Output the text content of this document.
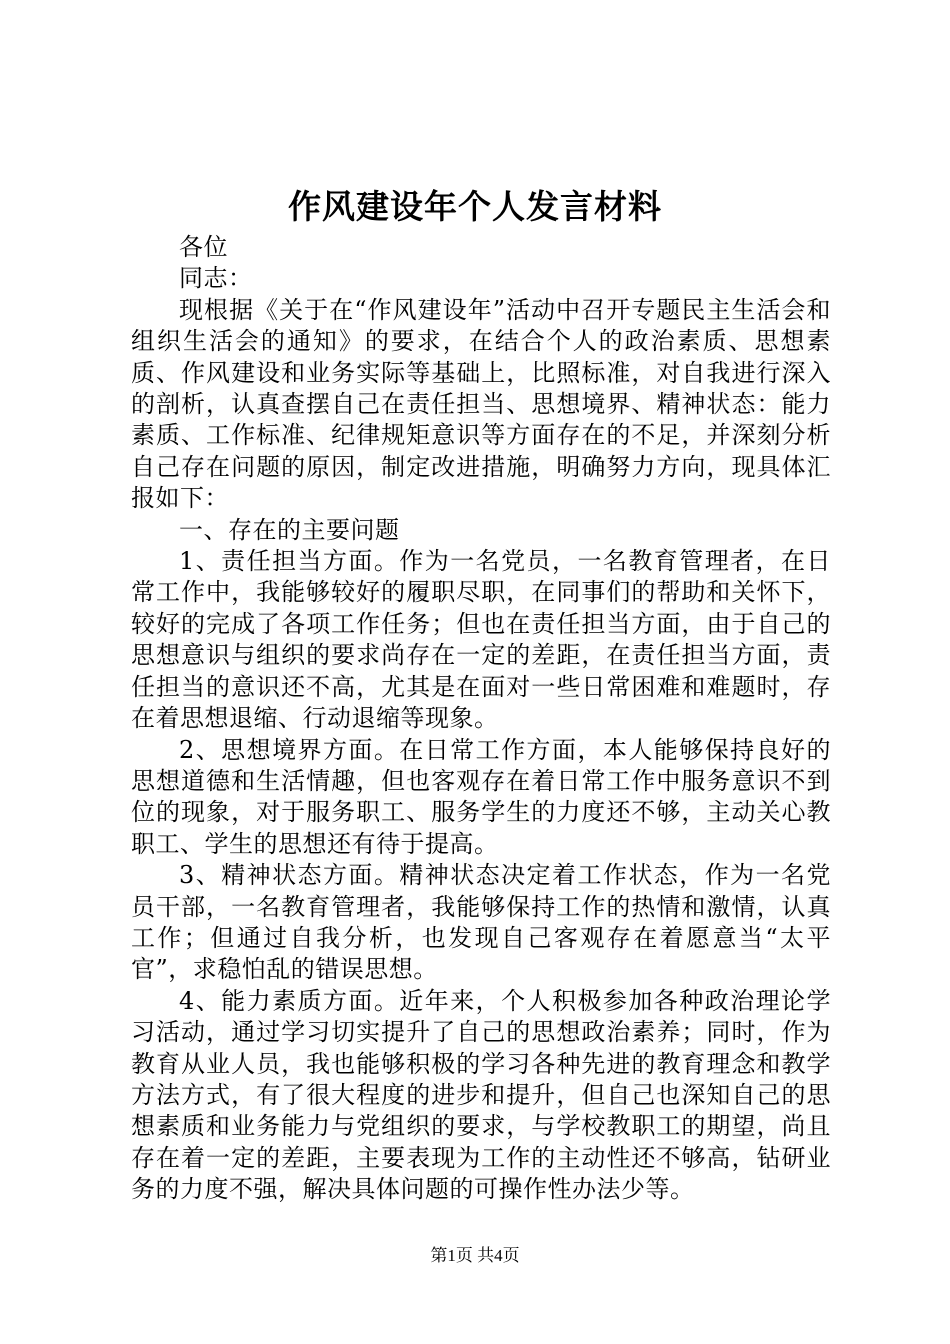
作风建设年个人发言材料

各位

同志：

现根据《关于在“作风建设年”活动中召开专题民主生活会和组织生活会的通知》的要求，在结合个人的政治素质、思想素质、作风建设和业务实际等基础上，比照标准，对自我进行深入的剖析，认真查摆自己在责任担当、思想境界、精神状态：能力素质、工作标准、纪律规矩意识等方面存在的不足，并深刻分析自己存在问题的原因，制定改进措施，明确努力方向，现具体汇报如下：

一、存在的主要问题

1、责任担当方面。作为一名党员，一名教育管理者，在日常工作中，我能够较好的履职尽职，在同事们的帮助和关怀下，较好的完成了各项工作任务；但也在责任担当方面，由于自己的思想意识与组织的要求尚存在一定的差距，在责任担当方面，责任担当的意识还不高，尤其是在面对一些日常困难和难题时，存在着思想退缩、行动退缩等现象。

2、思想境界方面。在日常工作方面，本人能够保持良好的思想道德和生活情趣，但也客观存在着日常工作中服务意识不到位的现象，对于服务职工、服务学生的力度还不够，主动关心教职工、学生的思想还有待于提高。

3、精神状态方面。精神状态决定着工作状态，作为一名党员干部，一名教育管理者，我能够保持工作的热情和激情，认真工作；但通过自我分析，也发现自己客观存在着愿意当“太平官”，求稳怕乱的错误思想。

4、能力素质方面。近年来，个人积极参加各种政治理论学习活动，通过学习切实提升了自己的思想政治素养；同时，作为教育从业人员，我也能够积极的学习各种先进的教育理念和教学方法方式，有了很大程度的进步和提升，但自己也深知自己的思想素质和业务能力与党组织的要求，与学校教职工的期望，尚且存在着一定的差距，主要表现为工作的主动性还不够高，钻研业务的力度不强，解决具体问题的可操作性办法少等。

第1页 共4页
